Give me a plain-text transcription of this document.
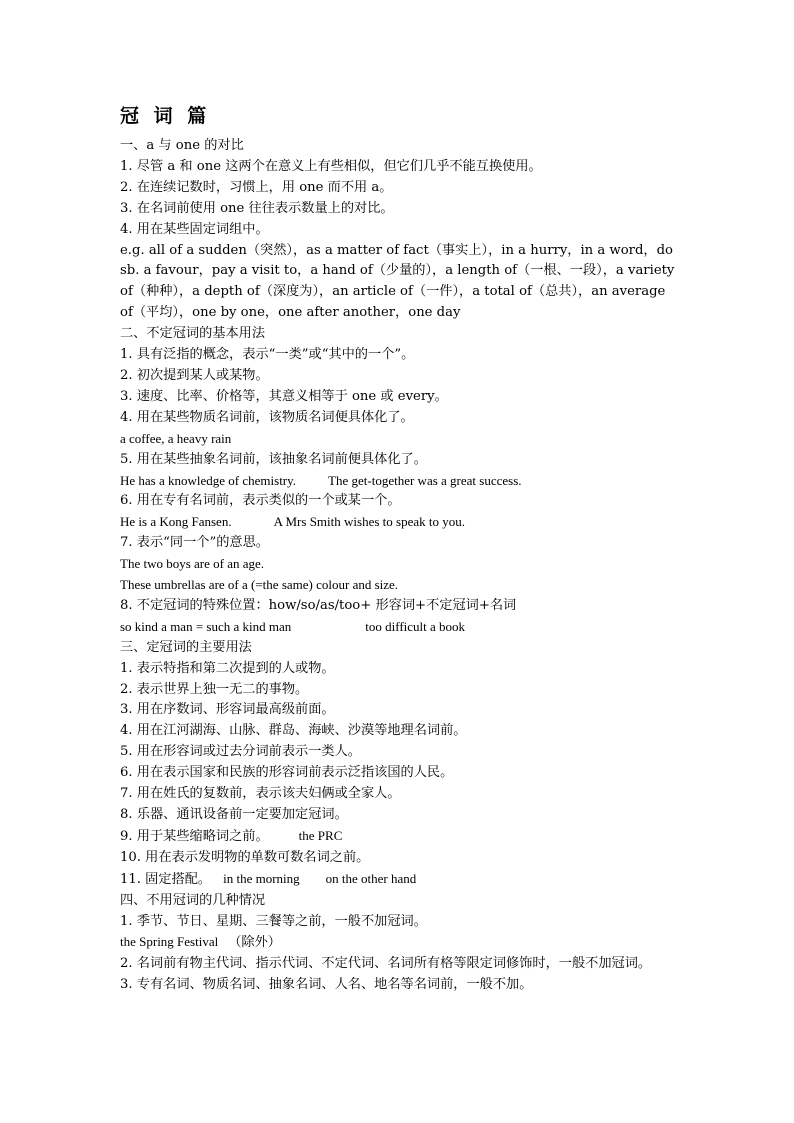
冠 词 篇
一、a 与 one 的对比
1. 尽管 a 和 one 这两个在意义上有些相似，但它们几乎不能互换使用。
2. 在连续记数时，习惯上，用 one 而不用 a。
3. 在名词前使用 one 往往表示数量上的对比。
4. 用在某些固定词组中。
e.g. all of a sudden（突然），as a matter of fact（事实上），in a hurry，in a word，do
sb. a favour，pay a visit to，a hand of（少量的），a length of（一根、一段），a variety
of（种种），a depth of（深度为），an article of（一件），a total of（总共），an average
of（平均），one by one，one after another，one day
二、不定冠词的基本用法
1. 具有泛指的概念，表示“一类”或“其中的一个”。
2. 初次提到某人或某物。
3. 速度、比率、价格等，其意义相等于 one 或 every。
4. 用在某些物质名词前，该物质名词便具体化了。
a coffee, a heavy rain
5. 用在某些抽象名词前，该抽象名词前便具体化了。
He has a knowledge of chemistry. The get-together was a great success.
6. 用在专有名词前，表示类似的一个或某一个。
He is a Kong Fansen.	A Mrs Smith wishes to speak to you.
7. 表示“同一个”的意思。
The two boys are of an age.
These umbrellas are of a (=the same) colour and size.
8. 不定冠词的特殊位置：how/so/as/too+ 形容词+不定冠词+名词
so kind a man = such a kind man	too difficult a book
三、定冠词的主要用法
1. 表示特指和第二次提到的人或物。
2. 表示世界上独一无二的事物。
3. 用在序数词、形容词最高级前面。
4. 用在江河湖海、山脉、群岛、海峡、沙漠等地理名词前。
5. 用在形容词或过去分词前表示一类人。
6. 用在表示国家和民族的形容词前表示泛指该国的人民。
7. 用在姓氏的复数前，表示该夫妇俩或全家人。
8. 乐器、通讯设备前一定要加定冠词。
9. 用于某些缩略词之前。 the PRC
10. 用在表示发明物的单数可数名词之前。
11. 固定搭配。 in the morning on the other hand
四、不用冠词的几种情况
1. 季节、节日、星期、三餐等之前，一般不加冠词。
the Spring Festival （除外）
2. 名词前有物主代词、指示代词、不定代词、名词所有格等限定词修饰时，一般不加冠词。
3. 专有名词、物质名词、抽象名词、人名、地名等名词前，一般不加。
